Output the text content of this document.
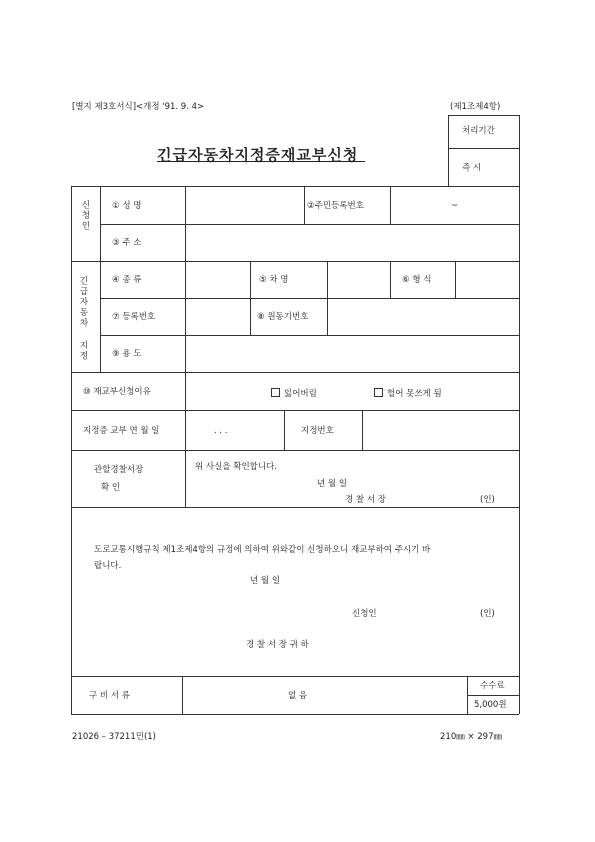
[별지 제3호서식]<개정 '91. 9. 4>	(제1조제4항)
긴급자동차지정증재교부신청
처리기간
즉 시
신청인	① 성 명	②주민등록번호	~
③ 주 소
긴급자동차 지정	④ 종 류	⑤ 차 명	⑥ 형 식
⑦ 등록번호	⑧ 원동기번호
⑨ 용 도
⑩ 재교부신청이유	잃어버림	헐어 못쓰게 됨
지정증 교부 연 월 일	. . .	지정번호
관할경찰서장
확 인
위 사실을 확인합니다.
년 월 일
경 찰 서 장	(인)
도로교통시행규칙 제1조제4항의 규정에 의하여 위와같이 신청하오니 재교부하여 주시기 바
랍니다.
년 월 일
신청인	(인)
경 찰 서 장 귀 하
구 비 서 류	없 음
수수료
5,000원
21026 – 37211민(1)	210㎜ × 297㎜
